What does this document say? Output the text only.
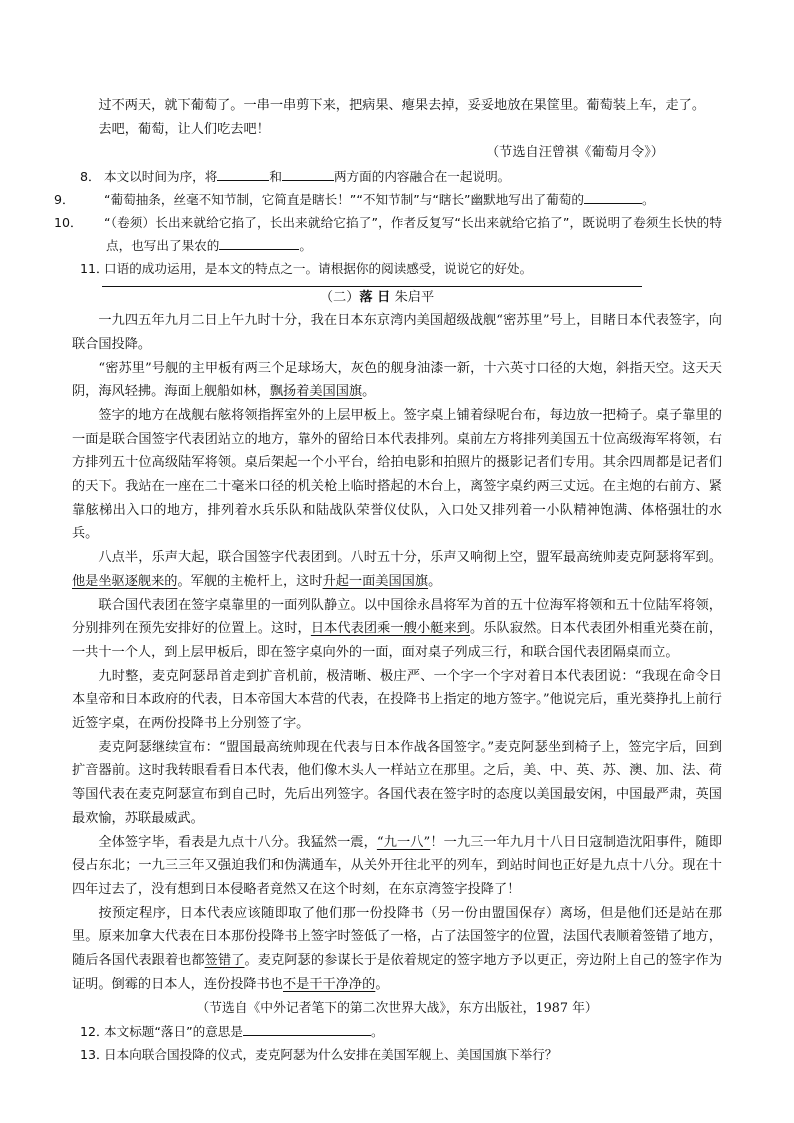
过不两天，就下葡萄了。一串一串剪下来，把病果、瘪果去掉，妥妥地放在果筐里。葡萄装上车，走了。

去吧，葡萄，让人们吃去吧！

（节选自汪曾祺《葡萄月令》）

8． 本文以时间为序，将	和	两方面的内容融合在一起说明。

9． “葡萄抽条，丝毫不知节制，它简直是瞎长！”“不知节制”与“瞎长”幽默地写出了葡萄的	。

10． “（卷须）长出来就给它掐了，长出来就给它掐了”，作者反复写“长出来就给它掐了”，既说明了卷须生长快的特点，也写出了果农的	。

11．口语的成功运用，是本文的特点之一。请根据你的阅读感受，说说它的好处。

（二）落 日 朱启平

一九四五年九月二日上午九时十分，我在日本东京湾内美国超级战舰“密苏里”号上，目睹日本代表签字，向联合国投降。

“密苏里”号舰的主甲板有两三个足球场大，灰色的舰身油漆一新，十六英寸口径的大炮，斜指天空。这天天阴，海风轻拂。海面上舰船如林，飘扬着美国国旗。

签字的地方在战舰右舷将领指挥室外的上层甲板上。签字桌上铺着绿呢台布，每边放一把椅子。桌子靠里的一面是联合国签字代表团站立的地方，靠外的留给日本代表排列。桌前左方将排列美国五十位高级海军将领，右方排列五十位高级陆军将领。桌后架起一个小平台，给拍电影和拍照片的摄影记者们专用。其余四周都是记者们的天下。我站在一座在二十毫米口径的机关枪上临时搭起的木台上，离签字桌约两三丈远。在主炮的右前方、紧靠舷梯出入口的地方，排列着水兵乐队和陆战队荣誉仪仗队，入口处又排列着一小队精神饱满、体格强壮的水兵。

八点半，乐声大起，联合国签字代表团到。八时五十分，乐声又响彻上空，盟军最高统帅麦克阿瑟将军到。他是坐驱逐舰来的。军舰的主桅杆上，这时升起一面美国国旗。

联合国代表团在签字桌靠里的一面列队静立。以中国徐永昌将军为首的五十位海军将领和五十位陆军将领，分别排列在预先安排好的位置上。这时，日本代表团乘一艘小艇来到。乐队寂然。日本代表团外相重光葵在前，一共十一个人，到上层甲板后，即在签字桌向外的一面，面对桌子列成三行，和联合国代表团隔桌而立。

九时整，麦克阿瑟昂首走到扩音机前，极清晰、极庄严、一个字一个字对着日本代表团说：“我现在命令日本皇帝和日本政府的代表，日本帝国大本营的代表，在投降书上指定的地方签字。”他说完后，重光葵挣扎上前行近签字桌，在两份投降书上分别签了字。

麦克阿瑟继续宣布：“盟国最高统帅现在代表与日本作战各国签字。”麦克阿瑟坐到椅子上，签完字后，回到扩音器前。这时我转眼看看日本代表，他们像木头人一样站立在那里。之后，美、中、英、苏、澳、加、法、荷等国代表在麦克阿瑟宣布到自己时，先后出列签字。各国代表在签字时的态度以美国最安闲，中国最严肃，英国最欢愉，苏联最威武。

全体签字毕，看表是九点十八分。我猛然一震，“九一八”！一九三一年九月十八日日寇制造沈阳事件，随即侵占东北；一九三三年又强迫我们和伪满通车，从关外开往北平的列车，到站时间也正好是九点十八分。现在十四年过去了，没有想到日本侵略者竟然又在这个时刻，在东京湾签字投降了！

按预定程序，日本代表应该随即取了他们那一份投降书（另一份由盟国保存）离场，但是他们还是站在那里。原来加拿大代表在日本那份投降书上签字时签低了一格，占了法国签字的位置，法国代表顺着签错了地方，随后各国代表跟着也都签错了。麦克阿瑟的参谋长于是依着规定的签字地方予以更正，旁边附上自己的签字作为证明。倒霉的日本人，连份投降书也不是干干净净的。

（节选自《中外记者笔下的第二次世界大战》，东方出版社，1987 年）

12．本文标题“落日”的意思是	。

13．日本向联合国投降的仪式，麦克阿瑟为什么安排在美国军舰上、美国国旗下举行？
